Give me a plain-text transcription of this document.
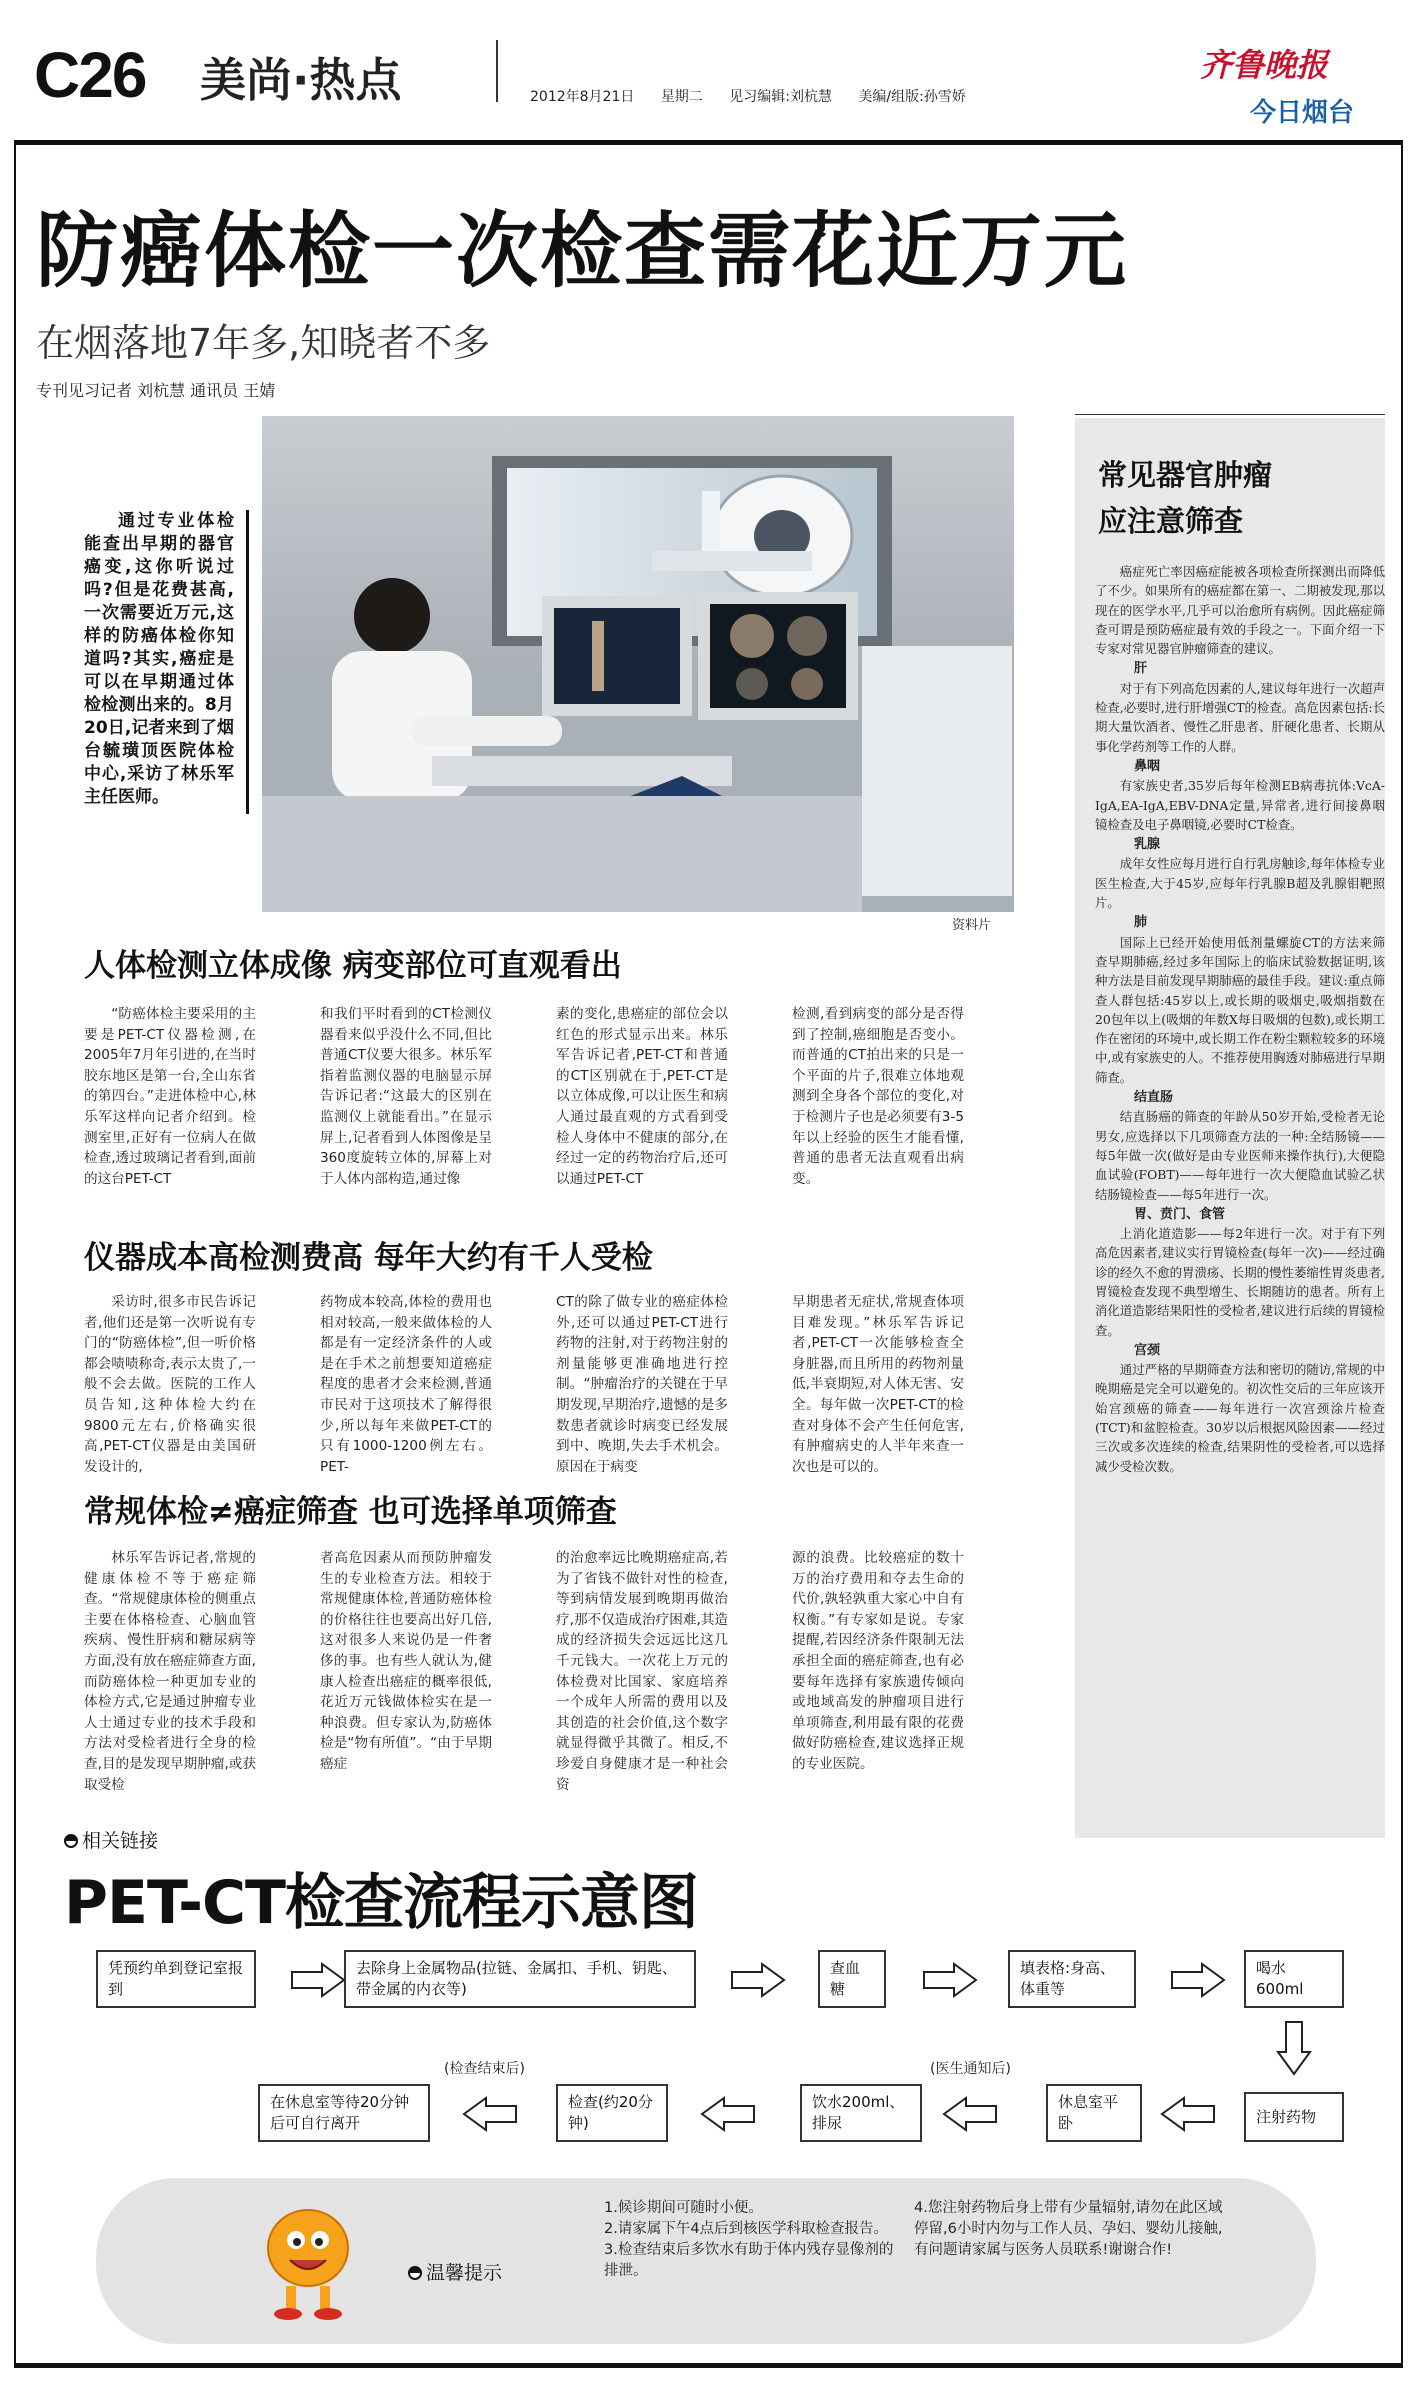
C26 美尚·热点	2012年8月21日 星期二 见习编辑:刘杭慧 美编/组版:孙雪娇
齐鲁晚报
今日烟台
防癌体检一次检查需花近万元
在烟落地7年多,知晓者不多
专刊见习记者 刘杭慧 通讯员 王婧
通过专业体检能查出早期的器官癌变,这你听说过吗?但是花费甚高,一次需要近万元,这样的防癌体检你知道吗?其实,癌症是可以在早期通过体检检测出来的。8月20日,记者来到了烟台毓璜顶医院体检中心,采访了林乐军主任医师。
资料片
人体检测立体成像 病变部位可直观看出

“防癌体检主要采用的主要是PET-CT仪器检测,在2005年7月年引进的,在当时胶东地区是第一台,全山东省的第四台。”走进体检中心,林乐军这样向记者介绍到。检测室里,正好有一位病人在做检查,透过玻璃记者看到,面前的这台PET-CT

和我们平时看到的CT检测仪器看来似乎没什么不同,但比普通CT仪要大很多。林乐军指着监测仪器的电脑显示屏告诉记者:“这最大的区别在监测仪上就能看出。”在显示屏上,记者看到人体图像是呈360度旋转立体的,屏幕上对于人体内部构造,通过像

素的变化,患癌症的部位会以红色的形式显示出来。林乐军告诉记者,PET-CT和普通的CT区别就在于,PET-CT是以立体成像,可以让医生和病人通过最直观的方式看到受检人身体中不健康的部分,在经过一定的药物治疗后,还可以通过PET-CT

检测,看到病变的部分是否得到了控制,癌细胞是否变小。而普通的CT拍出来的只是一个平面的片子,很难立体地观测到全身各个部位的变化,对于检测片子也是必须要有3-5年以上经验的医生才能看懂,普通的患者无法直观看出病变。

仪器成本高检测费高 每年大约有千人受检

采访时,很多市民告诉记者,他们还是第一次听说有专门的“防癌体检”,但一听价格都会啧啧称奇,表示太贵了,一般不会去做。医院的工作人员告知,这种体检大约在9800元左右,价格确实很高,PET-CT仪器是由美国研发设计的,

药物成本较高,体检的费用也相对较高,一般来做体检的人都是有一定经济条件的人或是在手术之前想要知道癌症程度的患者才会来检测,普通市民对于这项技术了解得很少,所以每年来做PET-CT的只有1000-1200例左右。PET-

CT的除了做专业的癌症体检外,还可以通过PET-CT进行药物的注射,对于药物注射的剂量能够更准确地进行控制。“肿瘤治疗的关键在于早期发现,早期治疗,遗憾的是多数患者就诊时病变已经发展到中、晚期,失去手术机会。原因在于病变

早期患者无症状,常规查体项目难发现。”林乐军告诉记者,PET-CT一次能够检查全身脏器,而且所用的药物剂量低,半衰期短,对人体无害、安全。每年做一次PET-CT的检查对身体不会产生任何危害,有肿瘤病史的人半年来查一次也是可以的。

常规体检≠癌症筛查 也可选择单项筛查

林乐军告诉记者,常规的健康体检不等于癌症筛查。“常规健康体检的侧重点主要在体格检查、心脑血管疾病、慢性肝病和糖尿病等方面,没有放在癌症筛查方面,而防癌体检一种更加专业的体检方式,它是通过肿瘤专业人士通过专业的技术手段和方法对受检者进行全身的检查,目的是发现早期肿瘤,或获取受检

者高危因素从而预防肿瘤发生的专业检查方法。相较于常规健康体检,普通防癌体检的价格往往也要高出好几倍,这对很多人来说仍是一件奢侈的事。也有些人就认为,健康人检查出癌症的概率很低,花近万元钱做体检实在是一种浪费。但专家认为,防癌体检是“物有所值”。“由于早期癌症

的治愈率远比晚期癌症高,若为了省钱不做针对性的检查,等到病情发展到晚期再做治疗,那不仅造成治疗困难,其造成的经济损失会远远比这几千元钱大。一次花上万元的体检费对比国家、家庭培养一个成年人所需的费用以及其创造的社会价值,这个数字就显得微乎其微了。相反,不珍爱自身健康才是一种社会资

源的浪费。比较癌症的数十万的治疗费用和夺去生命的代价,孰轻孰重大家心中自有权衡。”有专家如是说。专家提醒,若因经济条件限制无法承担全面的癌症筛查,也有必要每年选择有家族遗传倾向或地域高发的肿瘤项目进行单项筛查,利用最有限的花费做好防癌检查,建议选择正规的专业医院。

常见器官肿瘤
应注意筛查
癌症死亡率因癌症能被各项检查所探测出而降低了不少。如果所有的癌症都在第一、二期被发现,那以现在的医学水平,几乎可以治愈所有病例。因此癌症筛查可谓是预防癌症最有效的手段之一。下面介绍一下专家对常见器官肿瘤筛查的建议。
肝
对于有下列高危因素的人,建议每年进行一次超声检查,必要时,进行肝增强CT的检查。高危因素包括:长期大量饮酒者、慢性乙肝患者、肝硬化患者、长期从事化学药剂等工作的人群。
鼻咽
有家族史者,35岁后每年检测EB病毒抗体:VcA-IgA,EA-IgA,EBV-DNA定量,异常者,进行间接鼻咽镜检查及电子鼻咽镜,必要时CT检查。
乳腺
成年女性应每月进行自行乳房触诊,每年体检专业医生检查,大于45岁,应每年行乳腺B超及乳腺钼靶照片。
肺
国际上已经开始使用低剂量螺旋CT的方法来筛查早期肺癌,经过多年国际上的临床试验数据证明,该种方法是目前发现早期肺癌的最佳手段。建议:重点筛查人群包括:45岁以上,或长期的吸烟史,吸烟指数在20包年以上(吸烟的年数X每日吸烟的包数),或长期工作在密闭的环境中,或长期工作在粉尘颗粒较多的环境中,或有家族史的人。不推荐使用胸透对肺癌进行早期筛查。
结直肠
结直肠癌的筛查的年龄从50岁开始,受检者无论男女,应选择以下几项筛查方法的一种:全结肠镜——每5年做一次(做好是由专业医师来操作执行),大便隐血试验(FOBT)——每年进行一次大便隐血试验乙状结肠镜检查——每5年进行一次。
胃、贲门、食管
上消化道造影——每2年进行一次。对于有下列高危因素者,建议实行胃镜检查(每年一次)——经过确诊的经久不愈的胃溃疡、长期的慢性萎缩性胃炎患者,胃镜检查发现不典型增生、长期随访的患者。所有上消化道造影结果阳性的受检者,建议进行后续的胃镜检查。
宫颈
通过严格的早期筛查方法和密切的随访,常规的中晚期癌是完全可以避免的。初次性交后的三年应该开始宫颈癌的筛查——每年进行一次宫颈涂片检查(TCT)和盆腔检查。30岁以后根据风险因素——经过三次或多次连续的检查,结果阴性的受检者,可以选择减少受检次数。
相关链接
PET-CT检查流程示意图
凭预约单到登记室报到
去除身上金属物品(拉链、金属扣、手机、钥匙、带金属的内衣等)
查血糖
填表格:身高、体重等
喝水600ml
注射药物
休息室平卧
饮水200ml、排尿
检查(约20分钟)
在休息室等待20分钟后可自行离开
(医生通知后)
(检查结束后)
温馨提示
1.候诊期间可随时小便。
2.请家属下午4点后到核医学科取检查报告。
3.检查结束后多饮水有助于体内残存显像剂的排泄。
4.您注射药物后身上带有少量辐射,请勿在此区域停留,6小时内勿与工作人员、孕妇、婴幼儿接触,有问题请家属与医务人员联系!谢谢合作!
